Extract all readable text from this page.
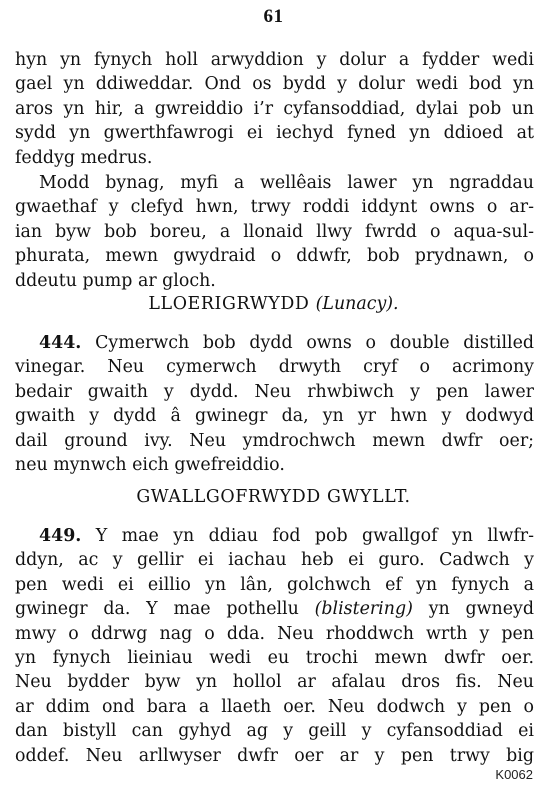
61
hyn yn fynych holl arwyddion y dolur a fydder wedi
gael yn ddiweddar. Ond os bydd y dolur wedi bod yn
aros yn hir, a gwreiddio i’r cyfansoddiad, dylai pob un
sydd yn gwerthfawrogi ei iechyd fyned yn ddioed at
feddyg medrus.
Modd bynag, myfi a wellêais lawer yn ngraddau
gwaethaf y clefyd hwn, trwy roddi iddynt owns o ar-
ian byw bob boreu, a llonaid llwy fwrdd o aqua-sul-
phurata, mewn gwydraid o ddwfr, bob prydnawn, o
ddeutu pump ar gloch.
LLOERIGRWYDD (Lunacy).
444. Cymerwch bob dydd owns o double distilled
vinegar. Neu cymerwch drwyth cryf o acrimony
bedair gwaith y dydd. Neu rhwbiwch y pen lawer
gwaith y dydd â gwinegr da, yn yr hwn y dodwyd
dail ground ivy. Neu ymdrochwch mewn dwfr oer;
neu mynwch eich gwefreiddio.
GWALLGOFRWYDD GWYLLT.
449. Y mae yn ddiau fod pob gwallgof yn llwfr-
ddyn, ac y gellir ei iachau heb ei guro. Cadwch y
pen wedi ei eillio yn lân, golchwch ef yn fynych a
gwinegr da. Y mae pothellu (blistering) yn gwneyd
mwy o ddrwg nag o dda. Neu rhoddwch wrth y pen
yn fynych lieiniau wedi eu trochi mewn dwfr oer.
Neu bydder byw yn hollol ar afalau dros fis. Neu
ar ddim ond bara a llaeth oer. Neu dodwch y pen o
dan bistyll can gyhyd ag y geill y cyfansoddiad ei
oddef. Neu arllwyser dwfr oer ar y pen trwy big
K0062
